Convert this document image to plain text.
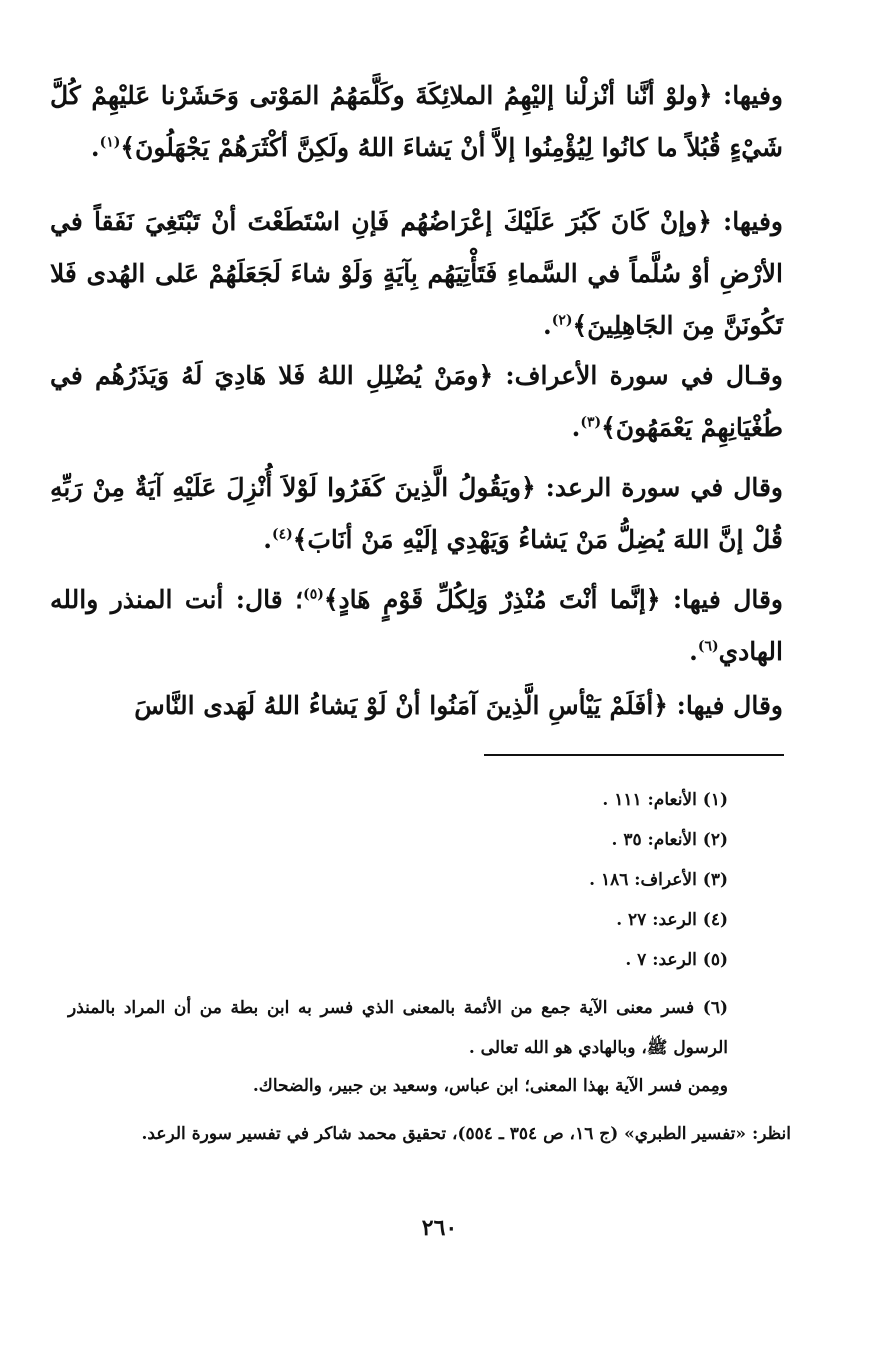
وفيها: ﴿ولوْ أنَّنا أنْزلْنا إليْهِمُ الملائِكَةَ وكَلَّمَهُمُ المَوْتى وَحَشَرْنا عَليْهِمْ كُلَّ شَيْءٍ قُبُلاً ما كانُوا لِيُؤْمِنُوا إلاَّ أنْ يَشاءَ اللهُ ولَكِنَّ أكْثَرَهُمْ يَجْهَلُونَ﴾$^{(١)}$.
وفيها: ﴿وإنْ كَانَ كَبُرَ عَلَيْكَ إعْرَاضُهُم فَإنِ اسْتَطَعْتَ أنْ تَبْتَغِيَ نَفَقاً في الأرْضِ أوْ سُلَّماً في السَّماءِ فَتَأْتِيَهُم بِآيَةٍ وَلَوْ شاءَ لَجَعَلَهُمْ عَلى الهُدى فَلا تَكُونَنَّ مِنَ الجَاهِلِينَ﴾$^{(٢)}$.
وقـال في سورة الأعراف: ﴿ومَنْ يُضْلِلِ اللهُ فَلا هَادِيَ لَهُ وَيَذَرُهُم في طُغْيَانِهِمْ يَعْمَهُونَ﴾$^{(٣)}$.
وقال في سورة الرعد: ﴿ويَقُولُ الَّذِينَ كَفَرُوا لَوْلاَ أُنْزِلَ عَلَيْهِ آيَةٌ مِنْ رَبِّهِ قُلْ إنَّ اللهَ يُضِلُّ مَنْ يَشاءُ وَيَهْدِي إلَيْهِ مَنْ أنَابَ﴾$^{(٤)}$.
وقال فيها: ﴿إنَّما أنْتَ مُنْذِرٌ وَلِكُلِّ قَوْمٍ هَادٍ﴾$^{(٥)}$؛ قال: أنت المنذر والله الهادي$^{(٦)}$.
وقال فيها: ﴿أفَلَمْ يَيْأسِ الَّذِينَ آمَنُوا أنْ لَوْ يَشاءُ اللهُ لَهَدى النَّاسَ
(١) الأنعام: ١١١ .
(٢) الأنعام: ٣٥ .
(٣) الأعراف: ١٨٦ .
(٤) الرعد: ٢٧ .
(٥) الرعد: ٧ .
(٦) فسر معنى الآية جمع من الأئمة بالمعنى الذي فسر به ابن بطة من أن المراد بالمنذر الرسول ﷺ، وبالهادي هو الله تعالى .
ومِمن فسر الآية بهذا المعنى؛ ابن عباس، وسعيد بن جبير، والضحاك.
انظر: «تفسير الطبري» (ج ١٦، ص ٣٥٤ ـ ٥٥٤)، تحقيق محمد شاكر في تفسير سورة الرعد.
٢٦٠
